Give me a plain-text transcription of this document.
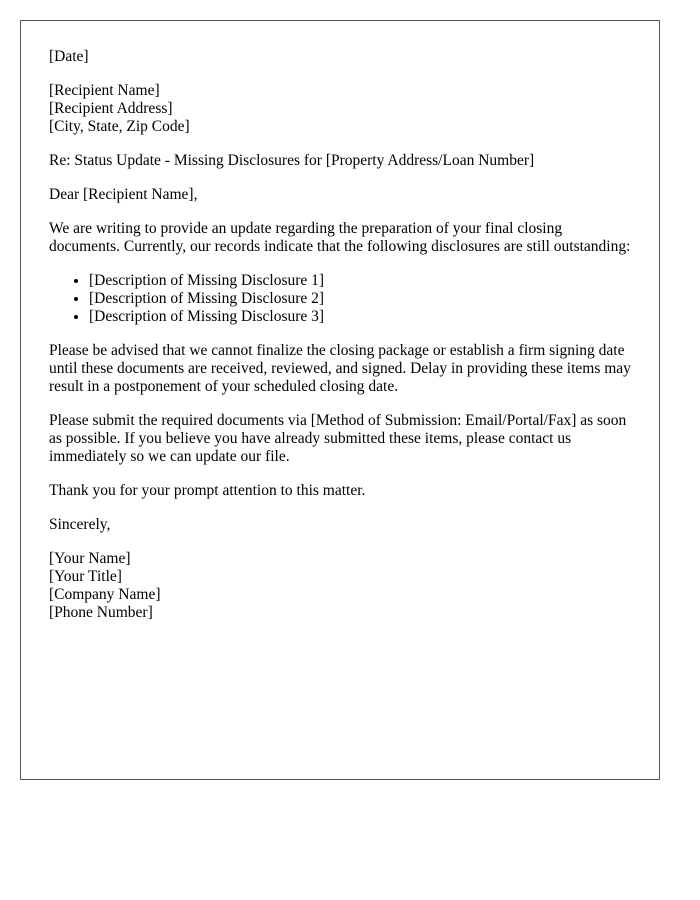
[Date]

[Recipient Name]
[Recipient Address]
[City, State, Zip Code]

Re: Status Update - Missing Disclosures for [Property Address/Loan Number]

Dear [Recipient Name],

We are writing to provide an update regarding the preparation of your final closing documents. Currently, our records indicate that the following disclosures are still outstanding:

• [Description of Missing Disclosure 1]
• [Description of Missing Disclosure 2]
• [Description of Missing Disclosure 3]

Please be advised that we cannot finalize the closing package or establish a firm signing date until these documents are received, reviewed, and signed. Delay in providing these items may result in a postponement of your scheduled closing date.

Please submit the required documents via [Method of Submission: Email/Portal/Fax] as soon as possible. If you believe you have already submitted these items, please contact us immediately so we can update our file.

Thank you for your prompt attention to this matter.

Sincerely,

[Your Name]
[Your Title]
[Company Name]
[Phone Number]
